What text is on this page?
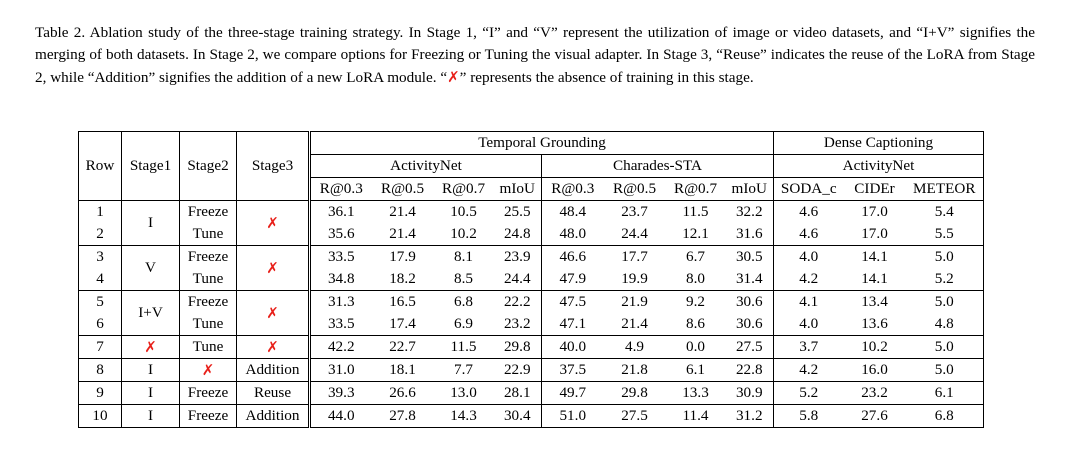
Table 2. Ablation study of the three-stage training strategy. In Stage 1, “I” and “V” represent the utilization of image or video datasets, and “I+V” signifies the merging of both datasets. In Stage 2, we compare options for Freezing or Tuning the visual adapter. In Stage 3, “Reuse” indicates the reuse of the LoRA from Stage 2, while “Addition” signifies the addition of a new LoRA module. “✗” represents the absence of training in this stage.
Row	Stage1	Stage2	Stage3	Temporal Grounding								Dense Captioning		
				ActivityNet				Charades-STA				ActivityNet		
				R@0.3	R@0.5	R@0.7	mIoU	R@0.3	R@0.5	R@0.7	mIoU	SODA_c	CIDEr	METEOR
1	I	Freeze	✗	36.1	21.4	10.5	25.5	48.4	23.7	11.5	32.2	4.6	17.0	5.4
2		Tune		35.6	21.4	10.2	24.8	48.0	24.4	12.1	31.6	4.6	17.0	5.5
3	V	Freeze	✗	33.5	17.9	8.1	23.9	46.6	17.7	6.7	30.5	4.0	14.1	5.0
4		Tune		34.8	18.2	8.5	24.4	47.9	19.9	8.0	31.4	4.2	14.1	5.2
5	I+V	Freeze	✗	31.3	16.5	6.8	22.2	47.5	21.9	9.2	30.6	4.1	13.4	5.0
6		Tune		33.5	17.4	6.9	23.2	47.1	21.4	8.6	30.6	4.0	13.6	4.8
7	✗	Tune	✗	42.2	22.7	11.5	29.8	40.0	4.9	0.0	27.5	3.7	10.2	5.0
8	I	✗	Addition	31.0	18.1	7.7	22.9	37.5	21.8	6.1	22.8	4.2	16.0	5.0
9	I	Freeze	Reuse	39.3	26.6	13.0	28.1	49.7	29.8	13.3	30.9	5.2	23.2	6.1
10	I	Freeze	Addition	44.0	27.8	14.3	30.4	51.0	27.5	11.4	31.2	5.8	27.6	6.8
